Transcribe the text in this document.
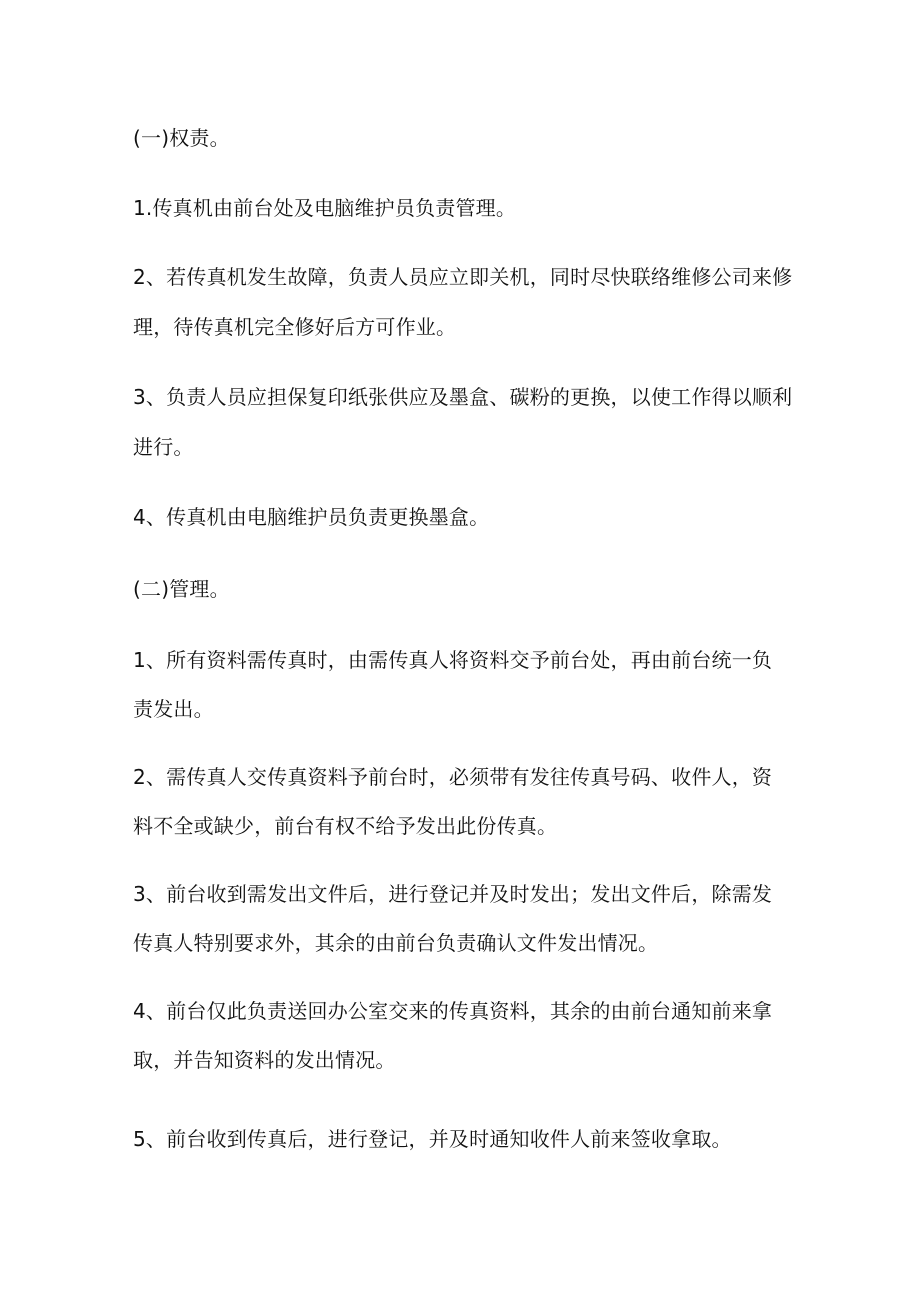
(一)权责。
1.传真机由前台处及电脑维护员负责管理。
2、若传真机发生故障，负责人员应立即关机，同时尽快联络维修公司来修
理，待传真机完全修好后方可作业。
3、负责人员应担保复印纸张供应及墨盒、碳粉的更换，以使工作得以顺利
进行。
4、传真机由电脑维护员负责更换墨盒。
(二)管理。
1、所有资料需传真时，由需传真人将资料交予前台处，再由前台统一负
责发出。
2、需传真人交传真资料予前台时，必须带有发往传真号码、收件人，资
料不全或缺少，前台有权不给予发出此份传真。
3、前台收到需发出文件后，进行登记并及时发出；发出文件后，除需发
传真人特别要求外，其余的由前台负责确认文件发出情况。
4、前台仅此负责送回办公室交来的传真资料，其余的由前台通知前来拿
取，并告知资料的发出情况。
5、前台收到传真后，进行登记，并及时通知收件人前来签收拿取。
